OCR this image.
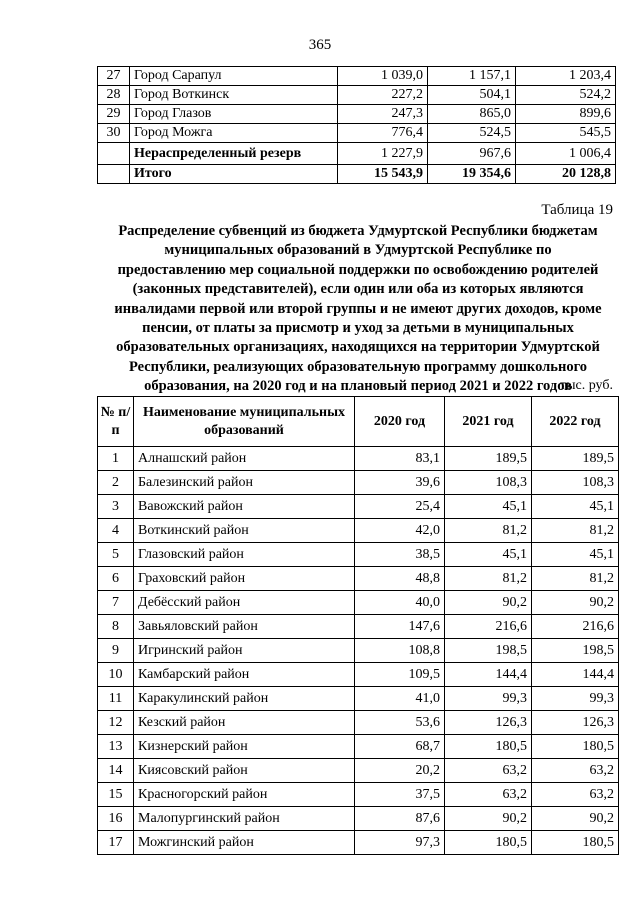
365
27	Город Сарапул	1 039,0	1 157,1	1 203,4
28	Город Воткинск	227,2	504,1	524,2
29	Город Глазов	247,3	865,0	899,6
30	Город Можга	776,4	524,5	545,5
	Нераспределенный резерв	1 227,9	967,6	1 006,4
	Итого	15 543,9	19 354,6	20 128,8
Таблица 19
Распределение субвенций из бюджета Удмуртской Республики бюджетам
муниципальных образований в Удмуртской Республике по
предоставлению мер социальной поддержки по освобождению родителей
(законных представителей), если один или оба из которых являются
инвалидами первой или второй группы и не имеют других доходов, кроме
пенсии, от платы за присмотр и уход за детьми в муниципальных
образовательных организациях, находящихся на территории Удмуртской
Республики, реализующих образовательную программу дошкольного
образования, на 2020 год и на плановый период 2021 и 2022 годов
тыс. руб.
№ п/п	Наименование муниципальных образований	2020 год	2021 год	2022 год
1	Алнашский район	83,1	189,5	189,5
2	Балезинский район	39,6	108,3	108,3
3	Вавожский район	25,4	45,1	45,1
4	Воткинский район	42,0	81,2	81,2
5	Глазовский район	38,5	45,1	45,1
6	Граховский район	48,8	81,2	81,2
7	Дебёсский район	40,0	90,2	90,2
8	Завьяловский район	147,6	216,6	216,6
9	Игринский район	108,8	198,5	198,5
10	Камбарский район	109,5	144,4	144,4
11	Каракулинский район	41,0	99,3	99,3
12	Кезский район	53,6	126,3	126,3
13	Кизнерский район	68,7	180,5	180,5
14	Киясовский район	20,2	63,2	63,2
15	Красногорский район	37,5	63,2	63,2
16	Малопургинский район	87,6	90,2	90,2
17	Можгинский район	97,3	180,5	180,5
